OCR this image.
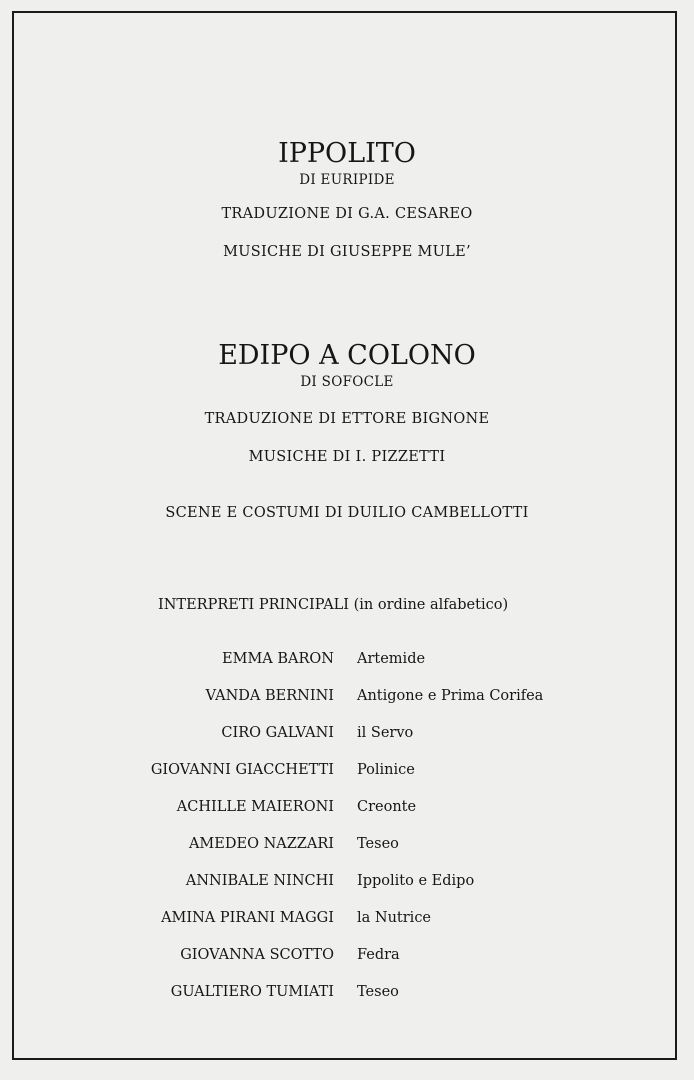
IPPOLITO
DI EURIPIDE
TRADUZIONE DI G.A. CESAREO
MUSICHE DI GIUSEPPE MULE’
EDIPO A COLONO
DI SOFOCLE
TRADUZIONE DI ETTORE BIGNONE
MUSICHE DI I. PIZZETTI
SCENE E COSTUMI DI DUILIO CAMBELLOTTI
INTERPRETI PRINCIPALI (in ordine alfabetico)
EMMA BARON Artemide
VANDA BERNINI Antigone e Prima Corifea
CIRO GALVANI il Servo
GIOVANNI GIACCHETTI Polinice
ACHILLE MAIERONI Creonte
AMEDEO NAZZARI Teseo
ANNIBALE NINCHI Ippolito e Edipo
AMINA PIRANI MAGGI la Nutrice
GIOVANNA SCOTTO Fedra
GUALTIERO TUMIATI Teseo
